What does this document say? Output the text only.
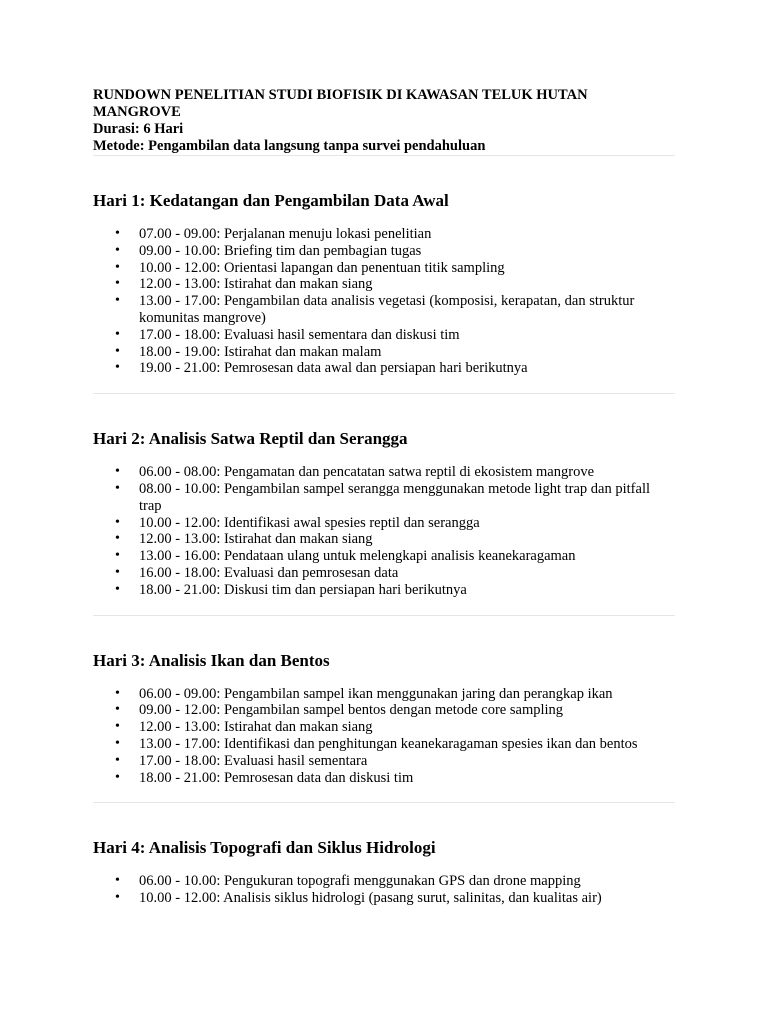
RUNDOWN PENELITIAN STUDI BIOFISIK DI KAWASAN TELUK HUTAN MANGROVE

Durasi: 6 Hari

Metode: Pengambilan data langsung tanpa survei pendahuluan

Hari 1: Kedatangan dan Pengambilan Data Awal
•	07.00 - 09.00: Perjalanan menuju lokasi penelitian
•	09.00 - 10.00: Briefing tim dan pembagian tugas
•	10.00 - 12.00: Orientasi lapangan dan penentuan titik sampling
•	12.00 - 13.00: Istirahat dan makan siang
•	13.00 - 17.00: Pengambilan data analisis vegetasi (komposisi, kerapatan, dan struktur komunitas mangrove)
•	17.00 - 18.00: Evaluasi hasil sementara dan diskusi tim
•	18.00 - 19.00: Istirahat dan makan malam
•	19.00 - 21.00: Pemrosesan data awal dan persiapan hari berikutnya
Hari 2: Analisis Satwa Reptil dan Serangga
•	06.00 - 08.00: Pengamatan dan pencatatan satwa reptil di ekosistem mangrove
•	08.00 - 10.00: Pengambilan sampel serangga menggunakan metode light trap dan pitfall trap
•	10.00 - 12.00: Identifikasi awal spesies reptil dan serangga
•	12.00 - 13.00: Istirahat dan makan siang
•	13.00 - 16.00: Pendataan ulang untuk melengkapi analisis keanekaragaman
•	16.00 - 18.00: Evaluasi dan pemrosesan data
•	18.00 - 21.00: Diskusi tim dan persiapan hari berikutnya
Hari 3: Analisis Ikan dan Bentos
•	06.00 - 09.00: Pengambilan sampel ikan menggunakan jaring dan perangkap ikan
•	09.00 - 12.00: Pengambilan sampel bentos dengan metode core sampling
•	12.00 - 13.00: Istirahat dan makan siang
•	13.00 - 17.00: Identifikasi dan penghitungan keanekaragaman spesies ikan dan bentos
•	17.00 - 18.00: Evaluasi hasil sementara
•	18.00 - 21.00: Pemrosesan data dan diskusi tim
Hari 4: Analisis Topografi dan Siklus Hidrologi
•	06.00 - 10.00: Pengukuran topografi menggunakan GPS dan drone mapping
•	10.00 - 12.00: Analisis siklus hidrologi (pasang surut, salinitas, dan kualitas air)
